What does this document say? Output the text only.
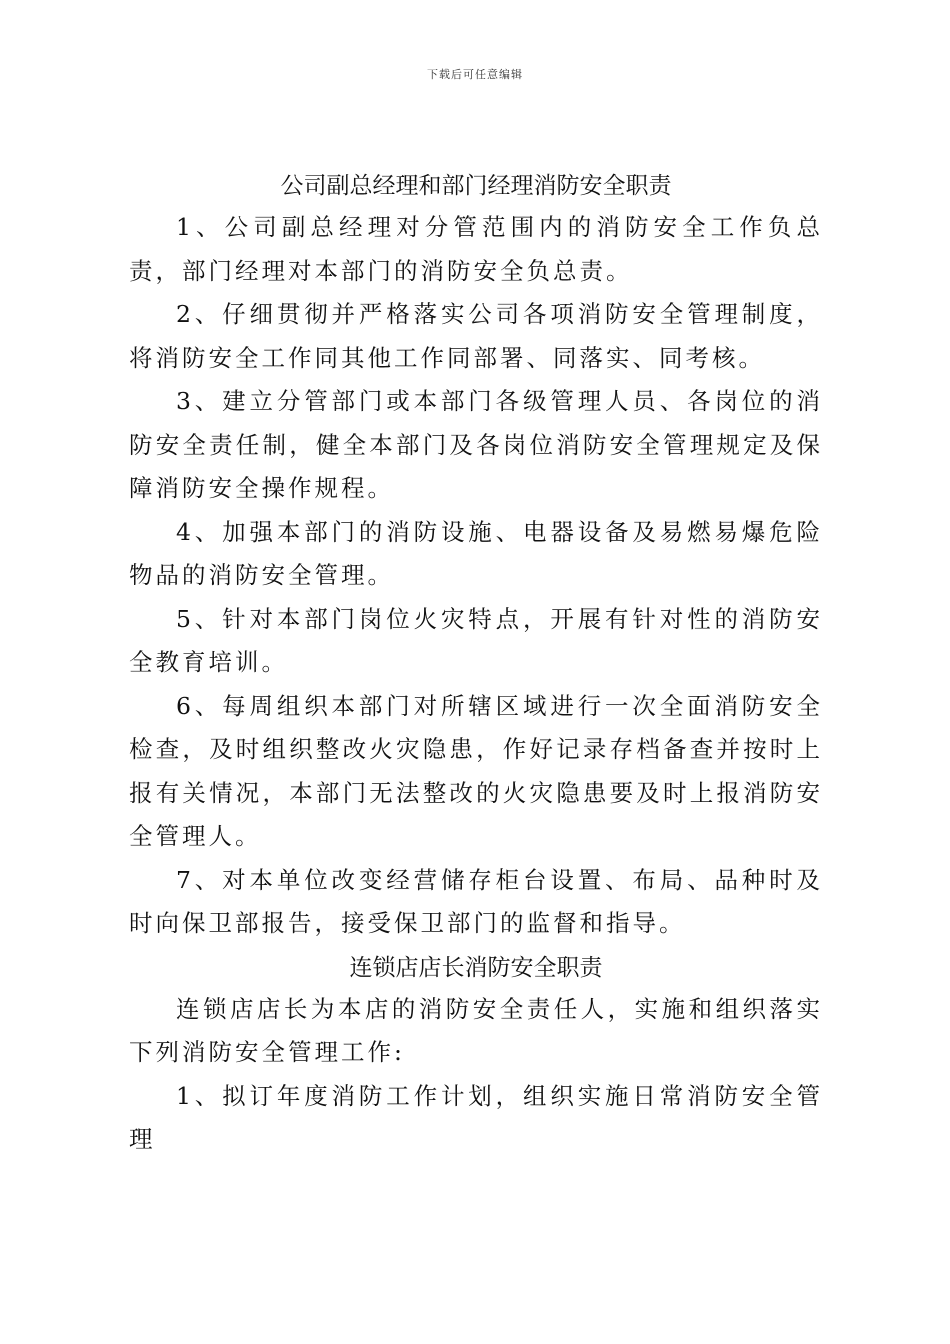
下载后可任意编辑
公司副总经理和部门经理消防安全职责

1、公司副总经理对分管范围内的消防安全工作负总责，部门经理对本部门的消防安全负总责。

2、仔细贯彻并严格落实公司各项消防安全管理制度，将消防安全工作同其他工作同部署、同落实、同考核。

3、建立分管部门或本部门各级管理人员、各岗位的消防安全责任制，健全本部门及各岗位消防安全管理规定及保障消防安全操作规程。

4、加强本部门的消防设施、电器设备及易燃易爆危险物品的消防安全管理。

5、针对本部门岗位火灾特点，开展有针对性的消防安全教育培训。

6、每周组织本部门对所辖区域进行一次全面消防安全检查，及时组织整改火灾隐患，作好记录存档备查并按时上报有关情况，本部门无法整改的火灾隐患要及时上报消防安全管理人。

7、对本单位改变经营储存柜台设置、布局、品种时及时向保卫部报告，接受保卫部门的监督和指导。

连锁店店长消防安全职责

连锁店店长为本店的消防安全责任人，实施和组织落实下列消防安全管理工作:

1、拟订年度消防工作计划，组织实施日常消防安全管理
